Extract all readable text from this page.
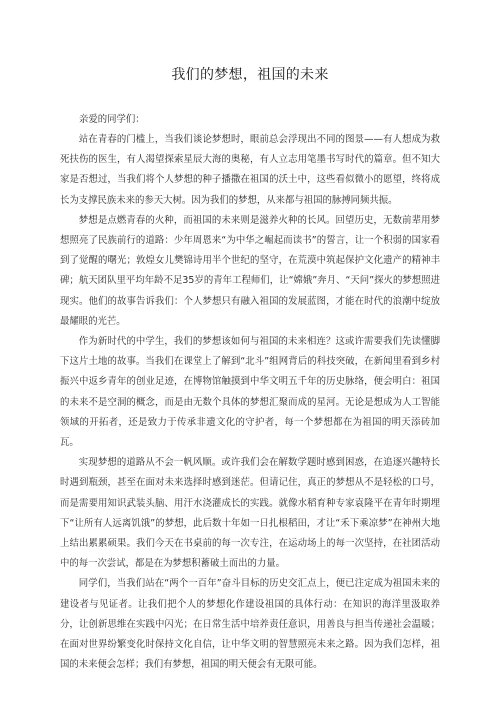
我们的梦想，祖国的未来

亲爱的同学们：

站在青春的门槛上，当我们谈论梦想时，眼前总会浮现出不同的图景——有人想成为救死扶伤的医生，有人渴望探索星辰大海的奥秘，有人立志用笔墨书写时代的篇章。但不知大家是否想过，当我们将个人梦想的种子播撒在祖国的沃土中，这些看似微小的愿望，终将成长为支撑民族未来的参天大树。因为我们的梦想，从来都与祖国的脉搏同频共振。

梦想是点燃青春的火种，而祖国的未来则是滋养火种的长风。回望历史，无数前辈用梦想照亮了民族前行的道路：少年周恩来“为中华之崛起而读书”的誓言，让一个积弱的国家看到了觉醒的曙光；敦煌女儿樊锦诗用半个世纪的坚守，在荒漠中筑起保护文化遗产的精神丰碑；航天团队里平均年龄不足35岁的青年工程师们，让“嫦娥”奔月、“天问”探火的梦想照进现实。他们的故事告诉我们：个人梦想只有融入祖国的发展蓝图，才能在时代的浪潮中绽放最耀眼的光芒。

作为新时代的中学生，我们的梦想该如何与祖国的未来相连？这或许需要我们先读懂脚下这片土地的故事。当我们在课堂上了解到“北斗”组网背后的科技突破，在新闻里看到乡村振兴中返乡青年的创业足迹，在博物馆触摸到中华文明五千年的历史脉络，便会明白：祖国的未来不是空洞的概念，而是由无数个具体的梦想汇聚而成的星河。无论是想成为人工智能领域的开拓者，还是致力于传承非遗文化的守护者，每一个梦想都在为祖国的明天添砖加瓦。

实现梦想的道路从不会一帆风顺。或许我们会在解数学题时感到困惑，在追逐兴趣特长时遇到瓶颈，甚至在面对未来选择时感到迷茫。但请记住，真正的梦想从不是轻松的口号，而是需要用知识武装头脑、用汗水浇灌成长的实践。就像水稻育种专家袁隆平在青年时期埋下“让所有人远离饥饿”的梦想，此后数十年如一日扎根稻田，才让“禾下乘凉梦”在神州大地上结出累累硕果。我们今天在书桌前的每一次专注，在运动场上的每一次坚持，在社团活动中的每一次尝试，都是在为梦想积蓄破土而出的力量。

同学们，当我们站在“两个一百年”奋斗目标的历史交汇点上，便已注定成为祖国未来的建设者与见证者。让我们把个人的梦想化作建设祖国的具体行动：在知识的海洋里汲取养分，让创新思维在实践中闪光；在日常生活中培养责任意识，用善良与担当传递社会温暖；在面对世界纷繁变化时保持文化自信，让中华文明的智慧照亮未来之路。因为我们怎样，祖国的未来便会怎样；我们有梦想，祖国的明天便会有无限可能。
